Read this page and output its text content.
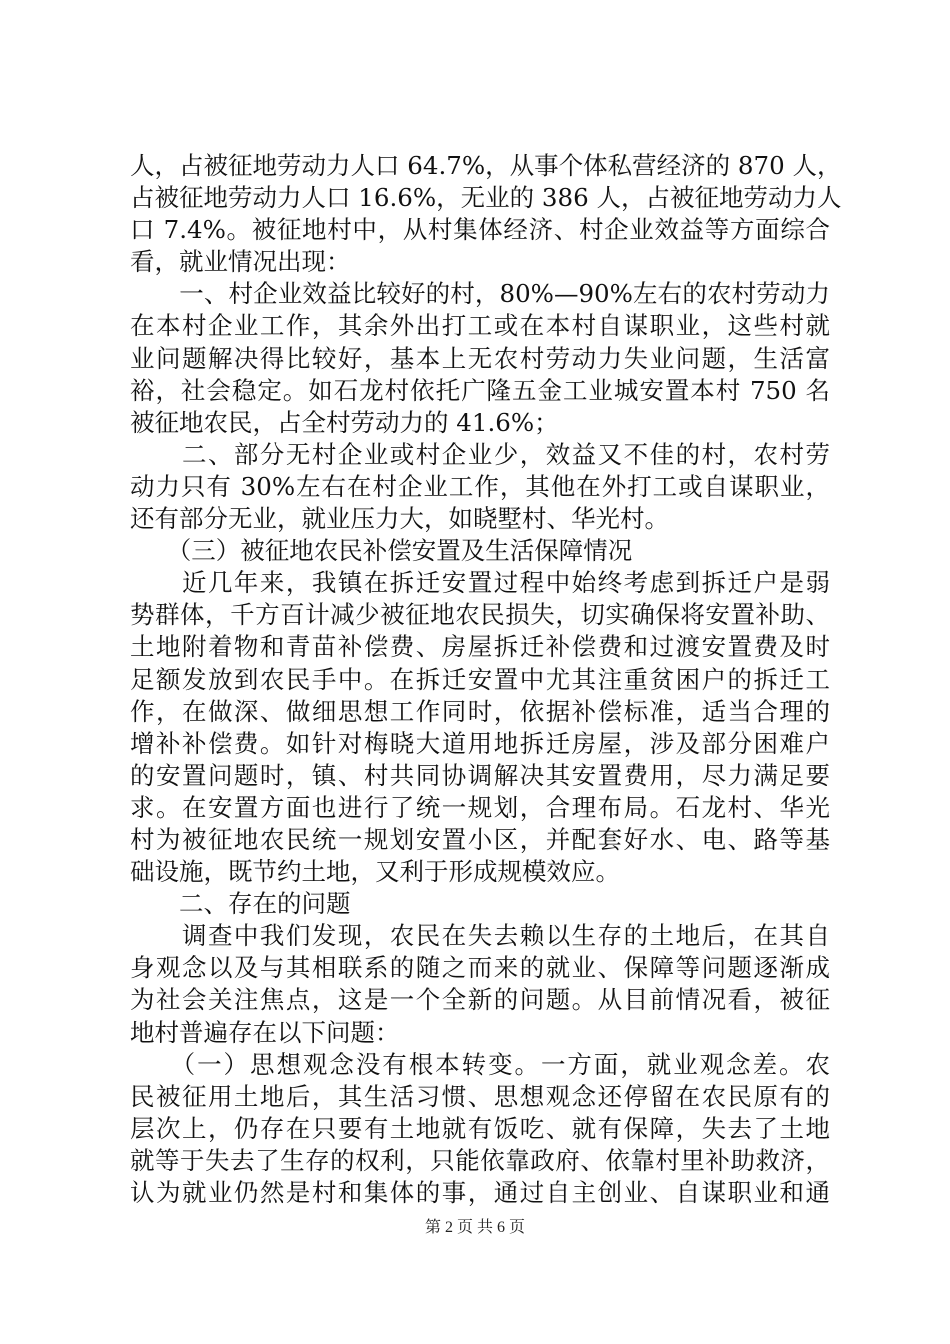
人，占被征地劳动力人口 64.7%，从事个体私营经济的 870 人，
占被征地劳动力人口 16.6%，无业的 386 人，占被征地劳动力人
口 7.4%。被征地村中，从村集体经济、村企业效益等方面综合
看，就业情况出现：
　　一、村企业效益比较好的村，80%—90%左右的农村劳动力
在本村企业工作，其余外出打工或在本村自谋职业，这些村就
业问题解决得比较好，基本上无农村劳动力失业问题，生活富
裕，社会稳定。如石龙村依托广隆五金工业城安置本村 750 名
被征地农民，占全村劳动力的 41.6%；
　　二、部分无村企业或村企业少，效益又不佳的村，农村劳
动力只有 30%左右在村企业工作，其他在外打工或自谋职业，
还有部分无业，就业压力大，如晓墅村、华光村。
　　（三）被征地农民补偿安置及生活保障情况
　　近几年来，我镇在拆迁安置过程中始终考虑到拆迁户是弱
势群体，千方百计减少被征地农民损失，切实确保将安置补助、
土地附着物和青苗补偿费、房屋拆迁补偿费和过渡安置费及时
足额发放到农民手中。在拆迁安置中尤其注重贫困户的拆迁工
作，在做深、做细思想工作同时，依据补偿标准，适当合理的
增补补偿费。如针对梅晓大道用地拆迁房屋，涉及部分困难户
的安置问题时，镇、村共同协调解决其安置费用，尽力满足要
求。在安置方面也进行了统一规划，合理布局。石龙村、华光
村为被征地农民统一规划安置小区，并配套好水、电、路等基
础设施，既节约土地，又利于形成规模效应。
　　二、存在的问题
　　调查中我们发现，农民在失去赖以生存的土地后，在其自
身观念以及与其相联系的随之而来的就业、保障等问题逐渐成
为社会关注焦点，这是一个全新的问题。从目前情况看，被征
地村普遍存在以下问题：
　　（一）思想观念没有根本转变。一方面，就业观念差。农
民被征用土地后，其生活习惯、思想观念还停留在农民原有的
层次上，仍存在只要有土地就有饭吃、就有保障，失去了土地
就等于失去了生存的权利，只能依靠政府、依靠村里补助救济，
认为就业仍然是村和集体的事，通过自主创业、自谋职业和通
第 2 页 共 6 页
